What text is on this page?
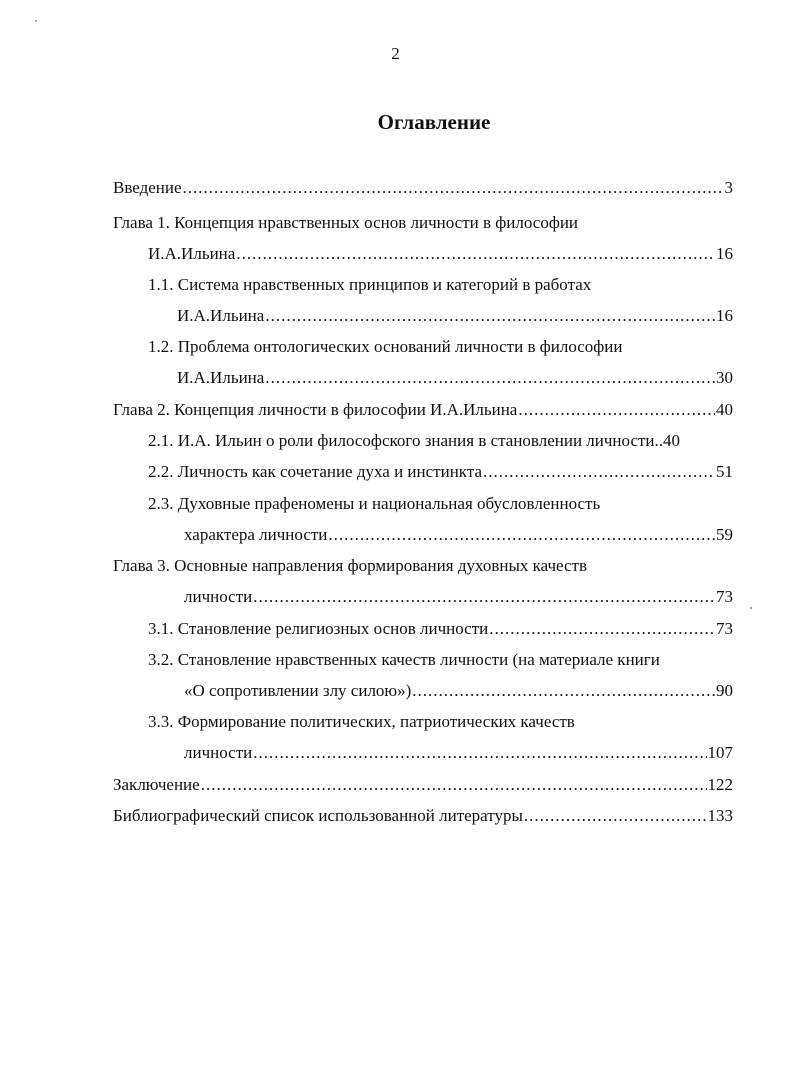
2
Оглавление
Введение .....	3
Глава 1. Концепция нравственных основ личности в философии
И.А.Ильина .....	16
1.1. Система нравственных принципов и категорий в работах
И.А.Ильина .....	16
1.2. Проблема онтологических оснований личности в философии
И.А.Ильина .....	30
Глава 2. Концепция личности в философии И.А.Ильина .....	40
2.1. И.А. Ильин о роли философского знания в становлении личности.. 40
2.2. Личность как сочетание духа и инстинкта .....	51
2.3. Духовные прафеномены и национальная обусловленность
характера личности .....	59
Глава 3. Основные направления формирования духовных качеств
личности .....	73
3.1. Становление религиозных основ личности .....	73
3.2. Становление нравственных качеств личности (на материале книги
«О сопротивлении злу силою») .....	90
3.3. Формирование политических, патриотических качеств
личности .....	107
Заключение .....	122
Библиографический список использованной литературы .....	133
